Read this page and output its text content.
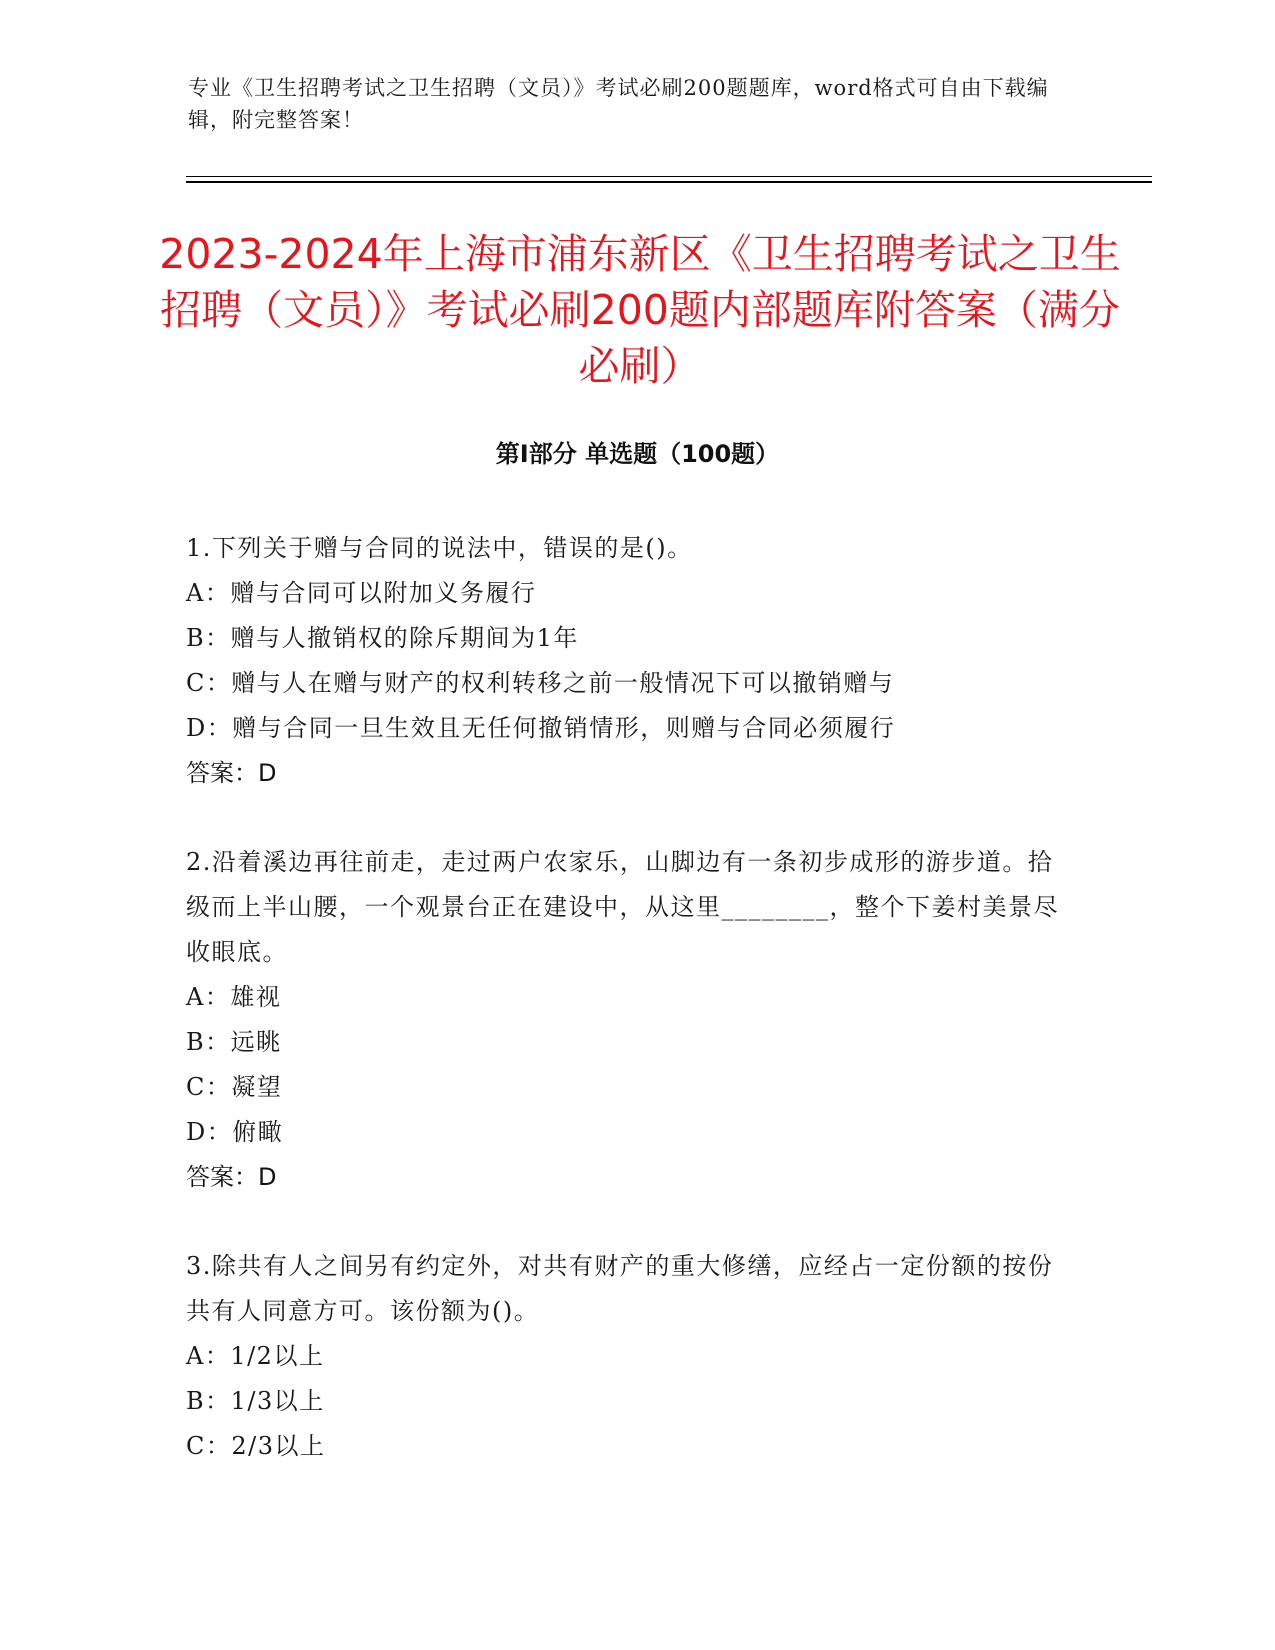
专业《卫生招聘考试之卫生招聘（文员）》考试必刷200题题库，word格式可自由下载编辑，附完整答案！
2023-2024年上海市浦东新区《卫生招聘考试之卫生招聘（文员）》考试必刷200题内部题库附答案（满分必刷）
第Ⅰ部分 单选题（100题）

1.下列关于赠与合同的说法中，错误的是()。

A：赠与合同可以附加义务履行

B：赠与人撤销权的除斥期间为1年

C：赠与人在赠与财产的权利转移之前一般情况下可以撤销赠与

D：赠与合同一旦生效且无任何撤销情形，则赠与合同必须履行

答案：D

2.沿着溪边再往前走，走过两户农家乐，山脚边有一条初步成形的游步道。拾级而上半山腰，一个观景台正在建设中，从这里________，整个下姜村美景尽收眼底。

A：雄视

B：远眺

C：凝望

D：俯瞰

答案：D

3.除共有人之间另有约定外，对共有财产的重大修缮，应经占一定份额的按份共有人同意方可。该份额为()。

A：1/2以上

B：1/3以上

C：2/3以上
